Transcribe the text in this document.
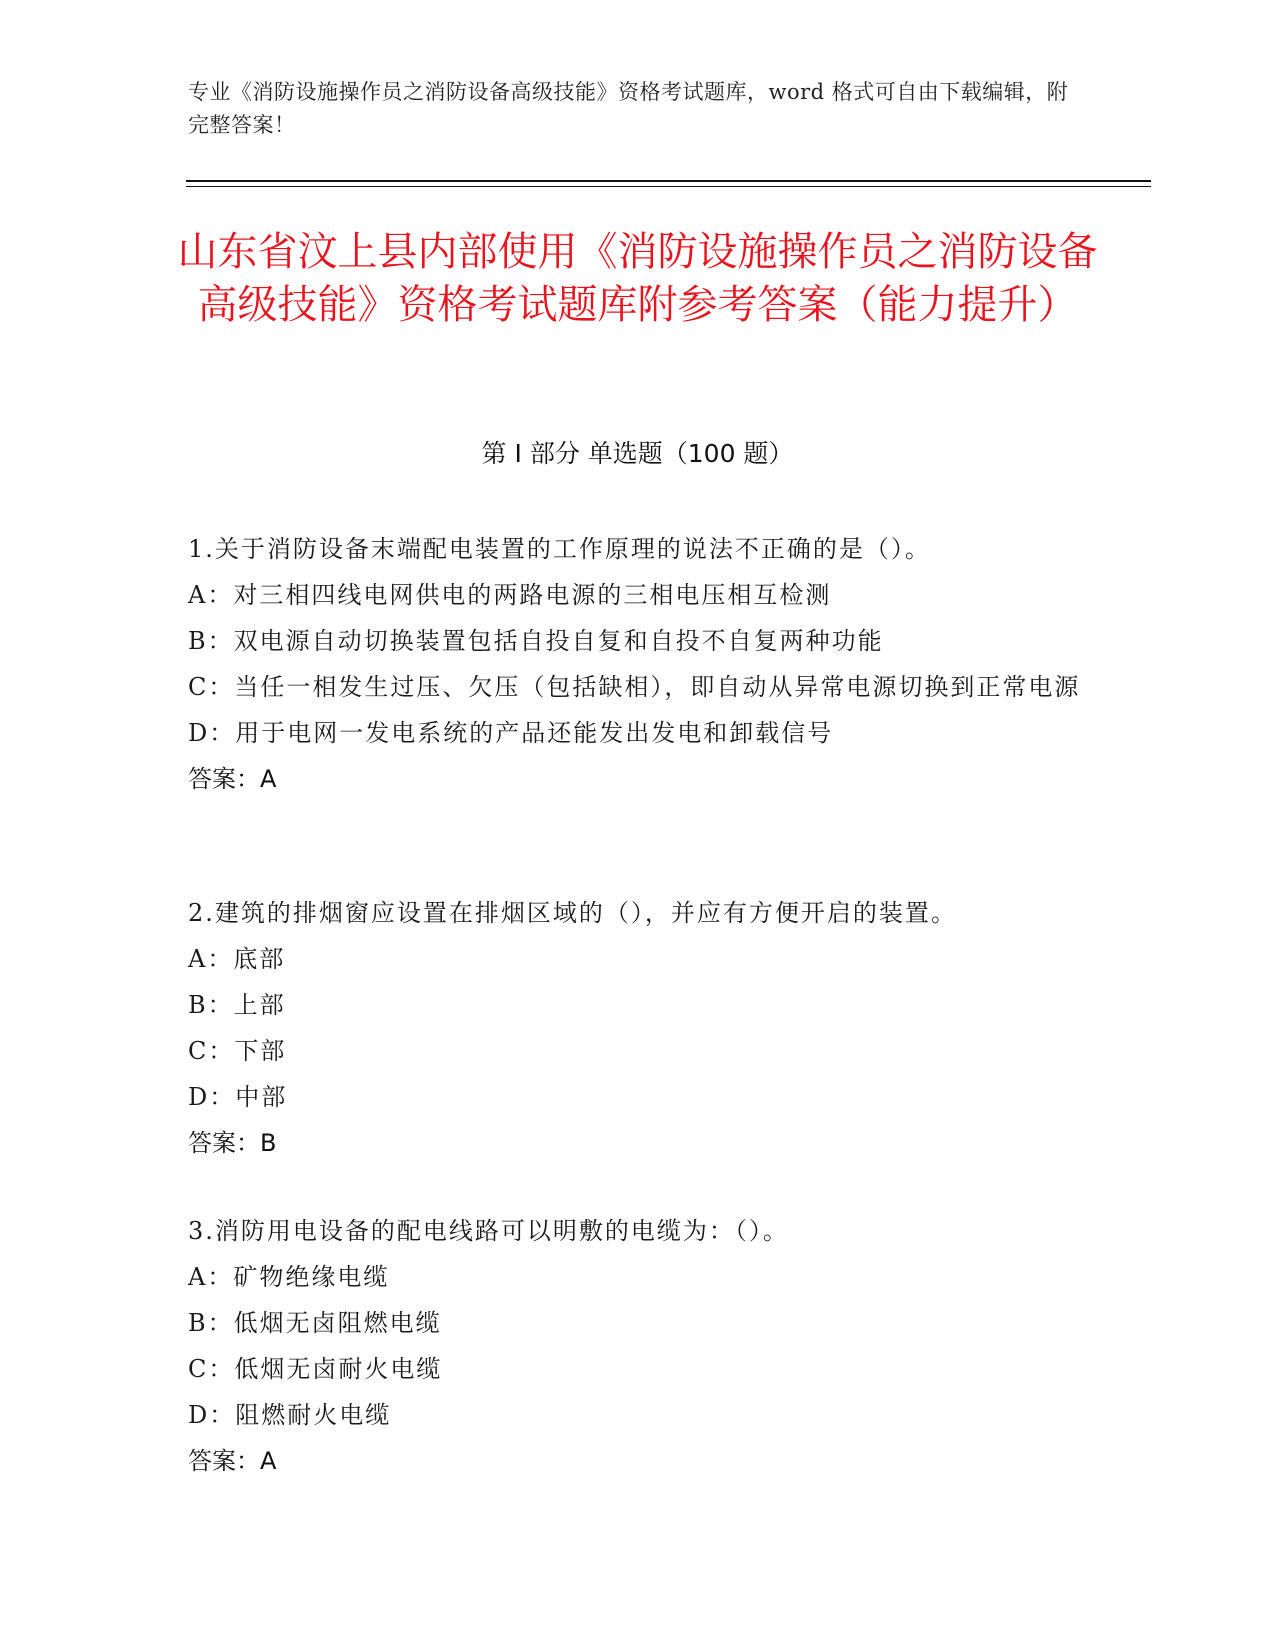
专业《消防设施操作员之消防设备高级技能》资格考试题库，word 格式可自由下载编辑，附完整答案！
山东省汶上县内部使用《消防设施操作员之消防设备高级技能》资格考试题库附参考答案（能力提升）
第 I 部分 单选题（100 题）
1.关于消防设备末端配电装置的工作原理的说法不正确的是（）。
A：对三相四线电网供电的两路电源的三相电压相互检测
B：双电源自动切换装置包括自投自复和自投不自复两种功能
C：当任一相发生过压、欠压（包括缺相），即自动从异常电源切换到正常电源
D：用于电网一发电系统的产品还能发出发电和卸载信号
答案：A
2.建筑的排烟窗应设置在排烟区域的（），并应有方便开启的装置。
A：底部
B：上部
C：下部
D：中部
答案：B
3.消防用电设备的配电线路可以明敷的电缆为：（）。
A：矿物绝缘电缆
B：低烟无卤阻燃电缆
C：低烟无卤耐火电缆
D：阻燃耐火电缆
答案：A
